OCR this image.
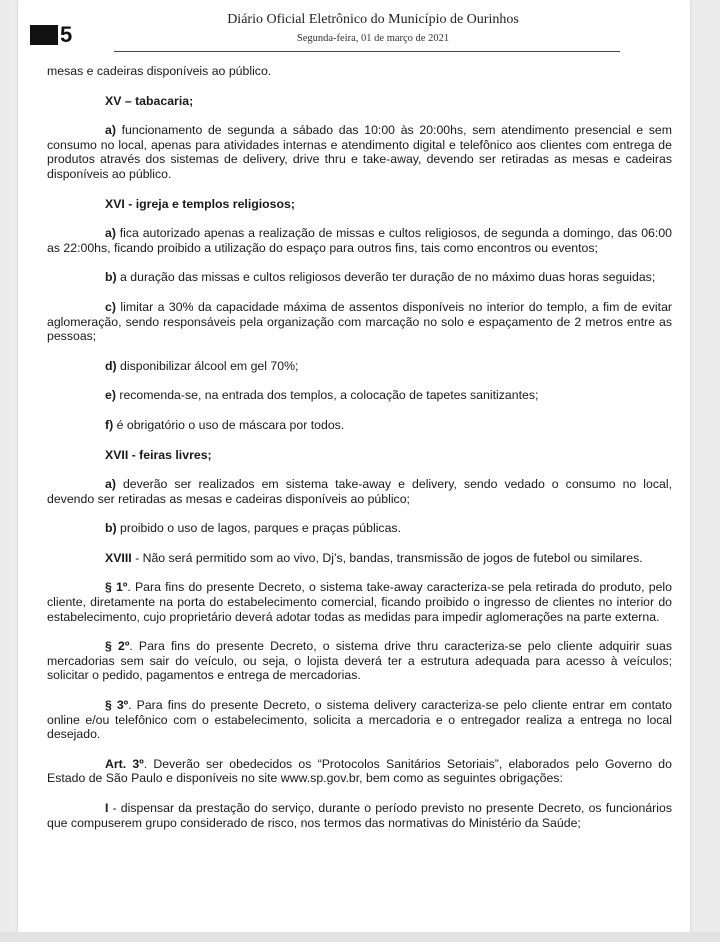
5
Diário Oficial Eletrônico do Município de Ourinhos
Segunda-feira, 01 de março de 2021

mesas e cadeiras disponíveis ao público.

XV – tabacaria;

a) funcionamento de segunda a sábado das 10:00 às 20:00hs, sem atendimento presencial e sem consumo no local, apenas para atividades internas e atendimento digital e telefônico aos clientes com entrega de produtos através dos sistemas de delivery, drive thru e take-away, devendo ser retiradas as mesas e cadeiras disponíveis ao público.

XVI - igreja e templos religiosos;

a) fica autorizado apenas a realização de missas e cultos religiosos, de segunda a domingo, das 06:00 as 22:00hs, ficando proibido a utilização do espaço para outros fins, tais como encontros ou eventos;

b) a duração das missas e cultos religiosos deverão ter duração de no máximo duas horas seguidas;

c) limitar a 30% da capacidade máxima de assentos disponíveis no interior do templo, a fim de evitar aglomeração, sendo responsáveis pela organização com marcação no solo e espaçamento de 2 metros entre as pessoas;

d) disponibilizar álcool em gel 70%;

e) recomenda-se, na entrada dos templos, a colocação de tapetes sanitizantes;

f) é obrigatório o uso de máscara por todos.

XVII - feiras livres;

a) deverão ser realizados em sistema take-away e delivery, sendo vedado o consumo no local, devendo ser retiradas as mesas e cadeiras disponíveis ao público;

b) proibido o uso de lagos, parques e praças públicas.

XVIII - Não será permitido som ao vivo, Dj’s, bandas, transmissão de jogos de futebol ou similares.

§ 1º. Para fins do presente Decreto, o sistema take-away caracteriza-se pela retirada do produto, pelo cliente, diretamente na porta do estabelecimento comercial, ficando proibido o ingresso de clientes no interior do estabelecimento, cujo proprietário deverá adotar todas as medidas para impedir aglomerações na parte externa.

§ 2º. Para fins do presente Decreto, o sistema drive thru caracteriza-se pelo cliente adquirir suas mercadorias sem sair do veículo, ou seja, o lojista deverá ter a estrutura adequada para acesso à veículos; solicitar o pedido, pagamentos e entrega de mercadorias.

§ 3º. Para fins do presente Decreto, o sistema delivery caracteriza-se pelo cliente entrar em contato online e/ou telefônico com o estabelecimento, solicita a mercadoria e o entregador realiza a entrega no local desejado.

Art. 3º. Deverão ser obedecidos os “Protocolos Sanitários Setoriais”, elaborados pelo Governo do Estado de São Paulo e disponíveis no site www.sp.gov.br, bem como as seguintes obrigações:

I - dispensar da prestação do serviço, durante o período previsto no presente Decreto, os funcionários que compuserem grupo considerado de risco, nos termos das normativas do Ministério da Saúde;
